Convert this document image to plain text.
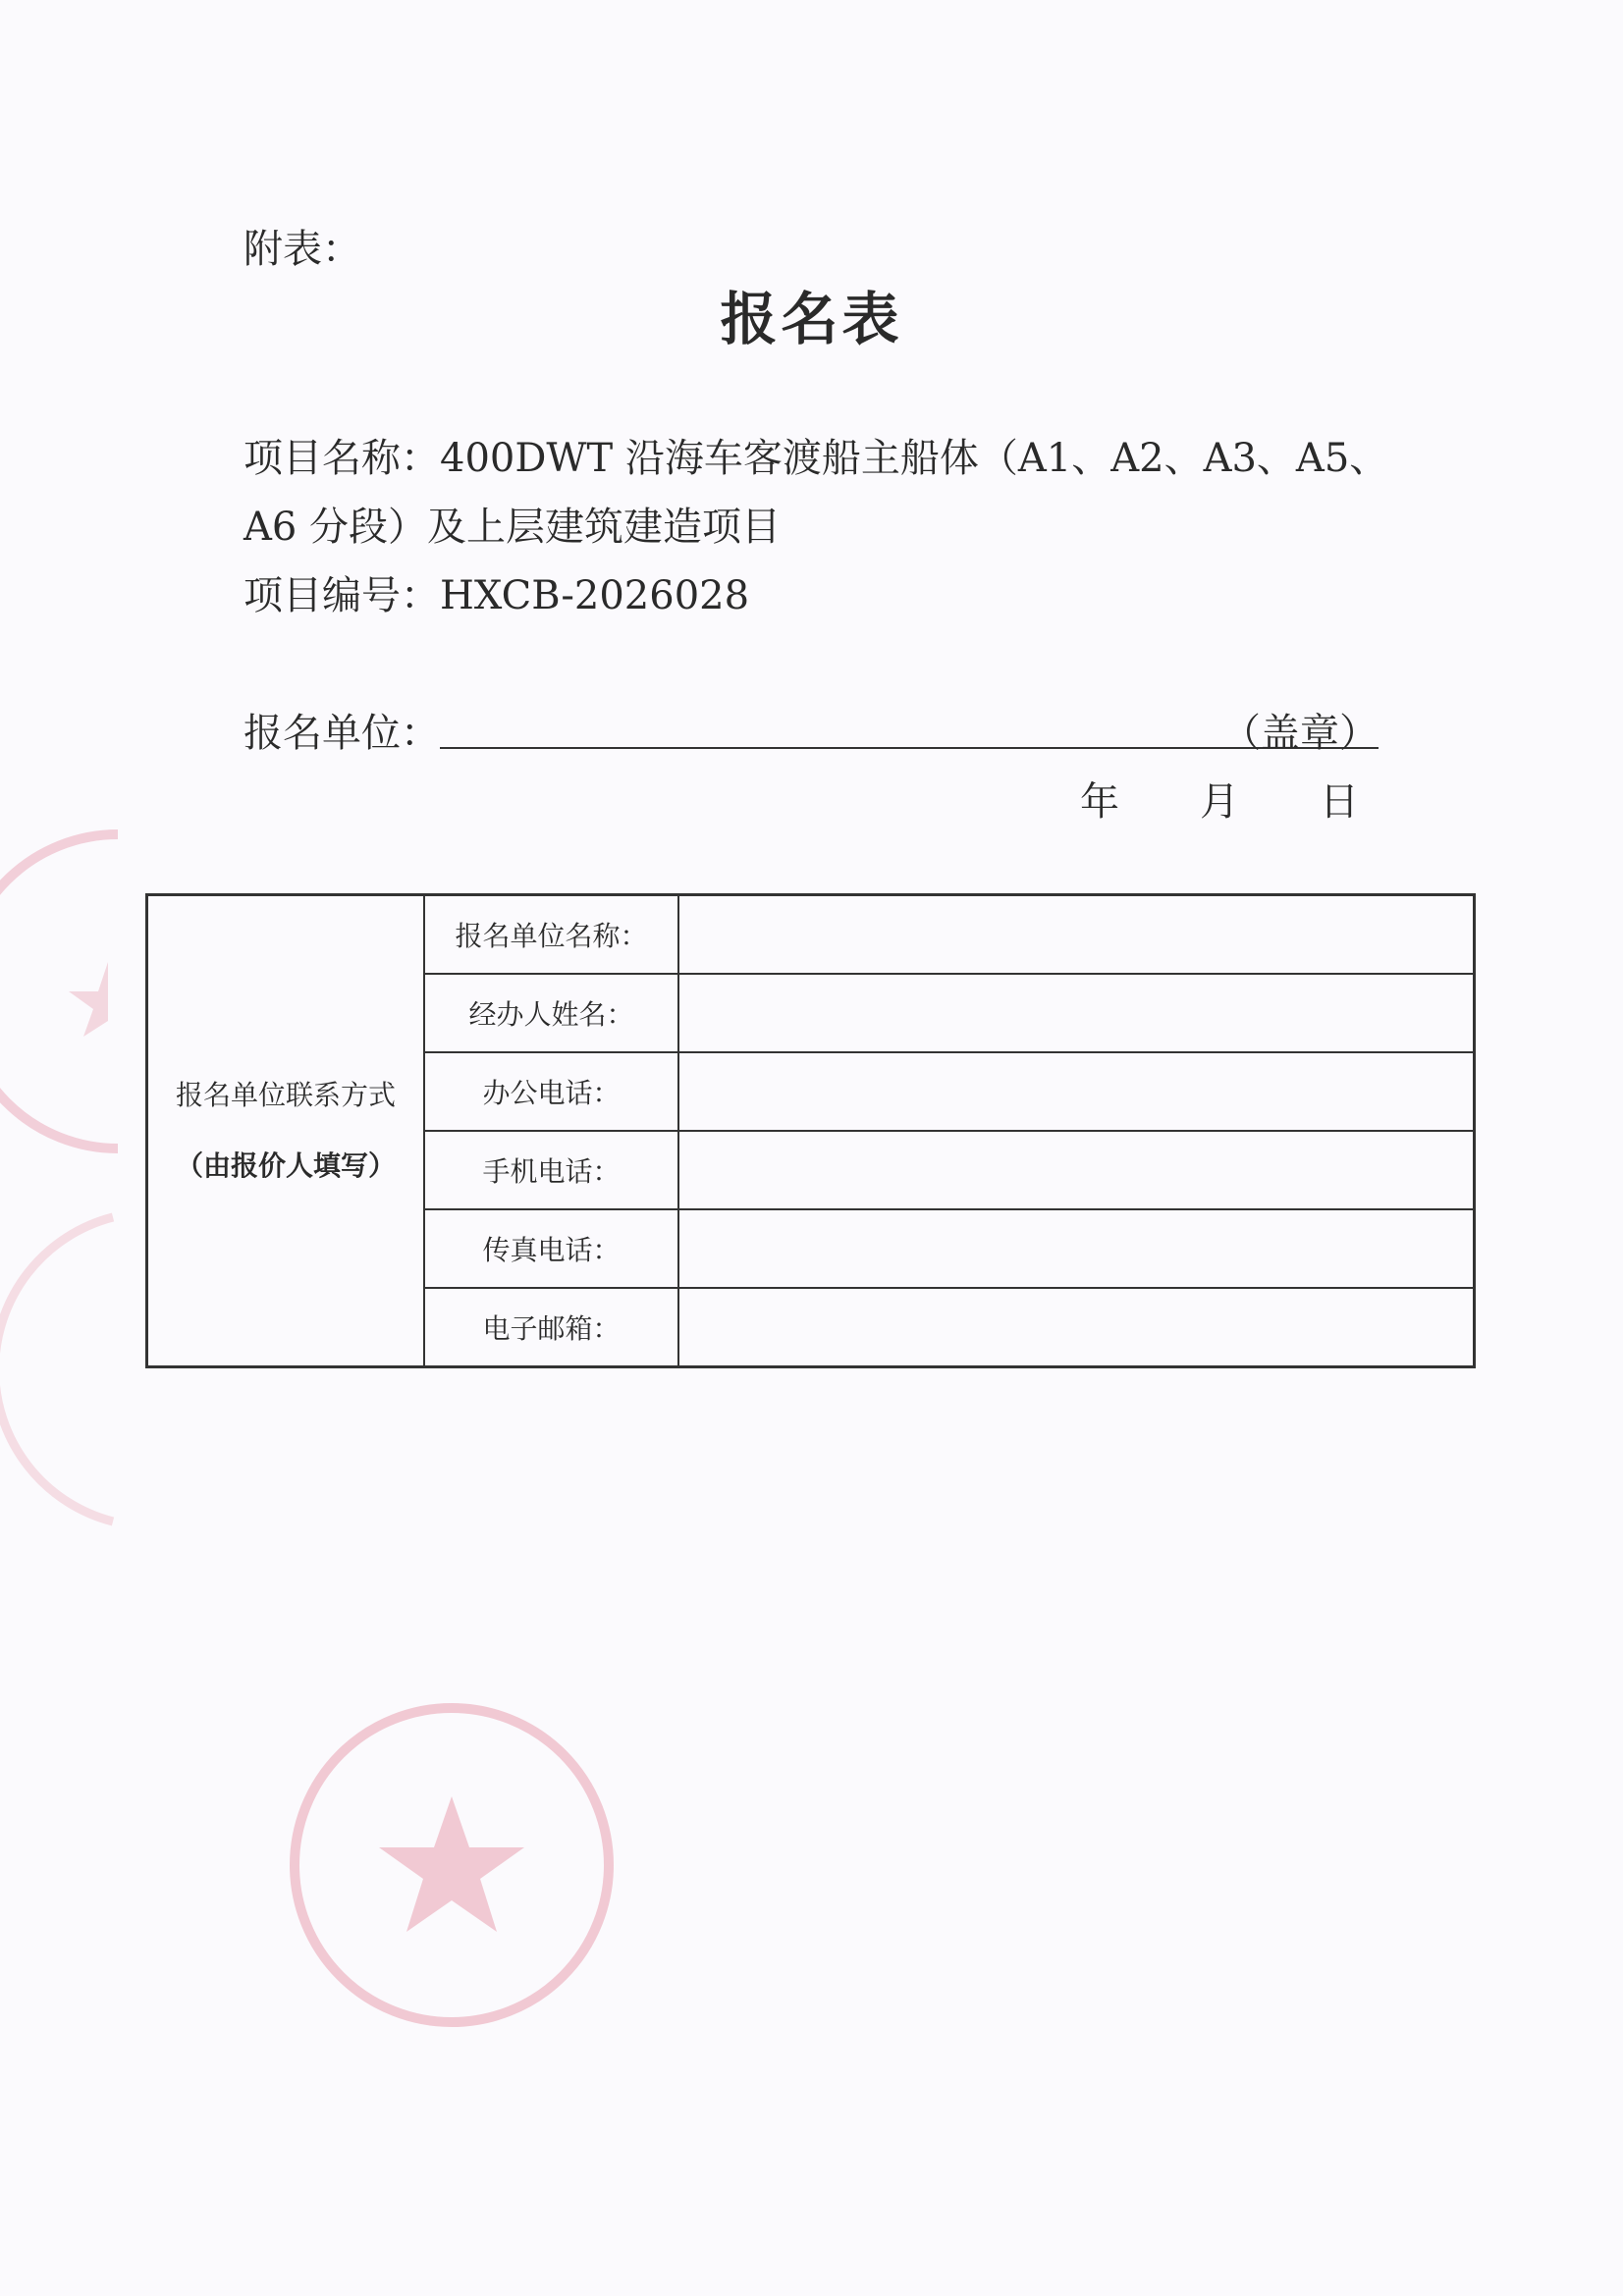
附表：
报名表
项目名称：400DWT 沿海车客渡船主船体（A1、A2、A3、A5、
A6 分段）及上层建筑建造项目
项目编号：HXCB-2026028
报名单位：	（盖章）
年 月 日
报名单位联系方式
（由报价人填写）	报名单位名称：	
	经办人姓名：	
	办公电话：	
	手机电话：	
	传真电话：	
	电子邮箱：	
